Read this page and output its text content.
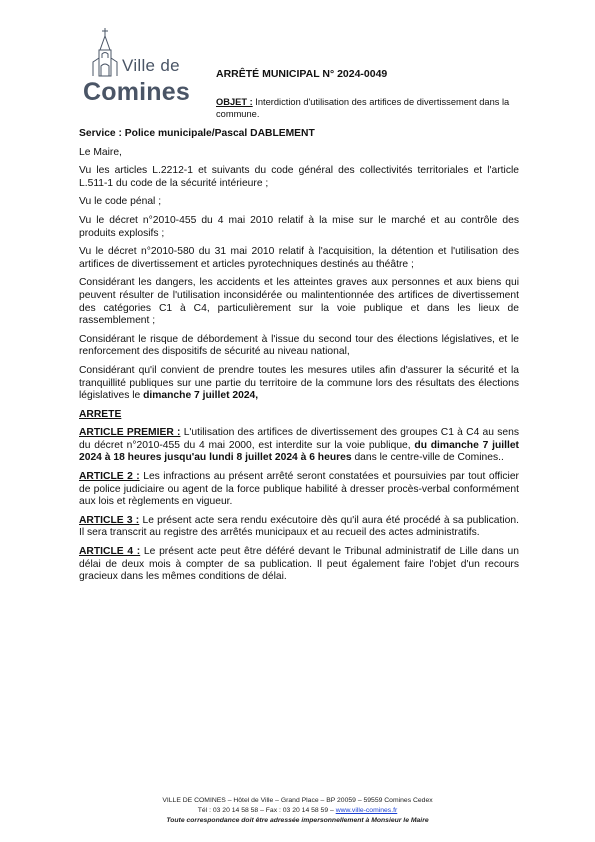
Ville de
Comines
ARRÊTÉ MUNICIPAL N° 2024-0049
OBJET : Interdiction d'utilisation des artifices de divertissement dans la commune.

Service : Police municipale/Pascal DABLEMENT

Le Maire,

Vu les articles L.2212-1 et suivants du code général des collectivités territoriales et l'article L.511-1 du code de la sécurité intérieure ;

Vu le code pénal ;

Vu le décret n°2010-455 du 4 mai 2010 relatif à la mise sur le marché et au contrôle des produits explosifs ;

Vu le décret n°2010-580 du 31 mai 2010 relatif à l'acquisition, la détention et l'utilisation des artifices de divertissement et articles pyrotechniques destinés au théâtre ;

Considérant les dangers, les accidents et les atteintes graves aux personnes et aux biens qui peuvent résulter de l'utilisation inconsidérée ou malintentionnée des artifices de divertissement des catégories C1 à C4, particulièrement sur la voie publique et dans les lieux de rassemblement ;

Considérant le risque de débordement à l'issue du second tour des élections législatives, et le renforcement des dispositifs de sécurité au niveau national,

Considérant qu'il convient de prendre toutes les mesures utiles afin d'assurer la sécurité et la tranquillité publiques sur une partie du territoire de la commune lors des résultats des élections législatives le dimanche 7 juillet 2024,

ARRETE

ARTICLE PREMIER : L'utilisation des artifices de divertissement des groupes C1 à C4 au sens du décret n°2010-455 du 4 mai 2000, est interdite sur la voie publique, du dimanche 7 juillet 2024 à 18 heures jusqu'au lundi 8 juillet 2024 à 6 heures dans le centre-ville de Comines..

ARTICLE 2 : Les infractions au présent arrêté seront constatées et poursuivies par tout officier de police judiciaire ou agent de la force publique habilité à dresser procès-verbal conformément aux lois et règlements en vigueur.

ARTICLE 3 : Le présent acte sera rendu exécutoire dès qu'il aura été procédé à sa publication. Il sera transcrit au registre des arrêtés municipaux et au recueil des actes administratifs.

ARTICLE 4 : Le présent acte peut être déféré devant le Tribunal administratif de Lille dans un délai de deux mois à compter de sa publication. Il peut également faire l'objet d'un recours gracieux dans les mêmes conditions de délai.

VILLE DE COMINES – Hôtel de Ville – Grand Place – BP 20059 – 59559 Comines Cedex
Tél : 03 20 14 58 58 – Fax : 03 20 14 58 59 – www.ville-comines.fr
Toute correspondance doit être adressée impersonnellement à Monsieur le Maire
